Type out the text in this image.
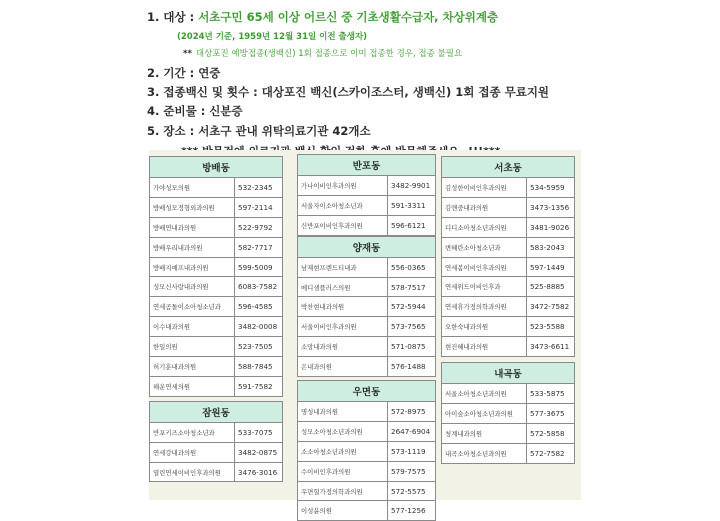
1. 대상 : 서초구민 65세 이상 어르신 중 기초생활수급자, 차상위계층
(2024년 기준, 1959년 12월 31일 이전 출생자)
** 대상포진 예방접종(생백신) 1회 접종으로 이미 접종한 경우, 접종 불필요
2. 기간 : 연중
3. 접종백신 및 횟수 : 대상포진 백신(스카이조스터, 생백신) 1회 접종 무료지원
4. 준비물 : 신분증
5. 장소 : 서초구 관내 위탁의료기관 42개소
방배동	
가야성모의원	532-2345
방배성모정형외과의원	597-2114
방배연내과의원	522-9792
방배우리내과의원	582-7717
방배지예프내과의원	599-5009
성모신사랑내과의원	6083-7582
연세곰돌이소아청소년과	596-4585
이수내과의원	3482-0008
한일의원	523-7505
허기훈내과의원	588-7845
해운연세의원	591-7582
잠원동	
반포키즈소아청소년과	533-7075
연세강내과의원	3482-0875
열린연세이비인후과의원	3476-3016
반포동	
가나이비인후과의원	3482-9901
서울자이소아청소년과	591-3311
신반포이비인후과의원	596-6121
양재동	
남재현프렌드티내과	556-0365
메디샘플러스의원	578-7517
박찬현내과의원	572-5944
서울이비인후과의원	573-7565
소망내과의원	571-0875
은내과의원	576-1488
우면동	
명성내과의원	572-8975
성모소아청소년과의원	2647-6904
소소아청소년과의원	573-1119
수이비인후과의원	579-7575
우면힐가정의학과의원	572-5575
이성윤의원	577-1256
서초동	
김성한이비인후과의원	534-5959
김앤중내과의원	3473-1356
디디소아청소년과의원	3481-9026
변혜란소아청소년과	583-2043
연세봄이비인후과의원	597-1449
연세위드이비인후과	525-8885
연세휴가정의학과의원	3472-7582
오한숙내과의원	523-5588
현진혜내과의원	3473-6611
내곡동	
서울소아청소년과의원	533-5875
아이숲소아청소년과의원	577-3675
청계내과의원	572-5858
내곡소아청소년과의원	572-7582
